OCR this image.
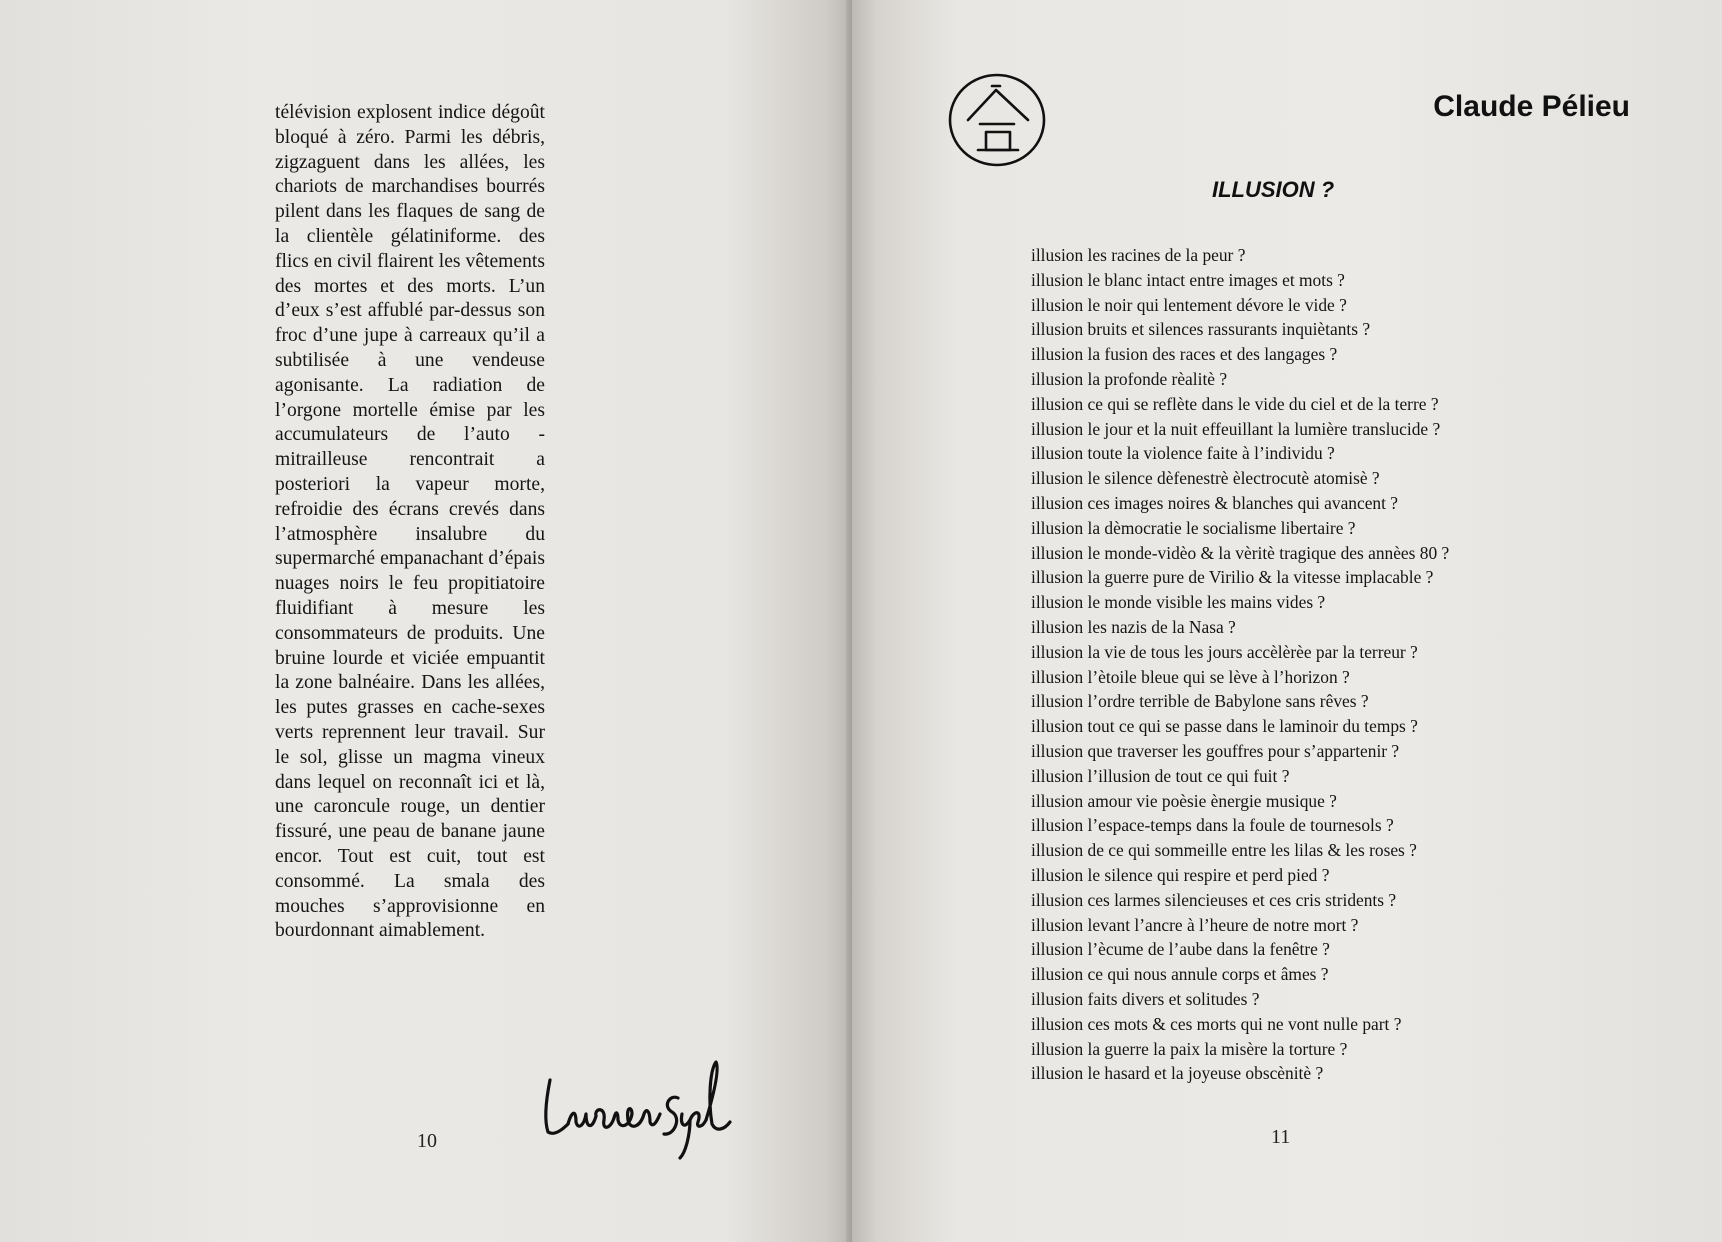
télévision explosent indice dégoût bloqué à zéro. Parmi les débris, zigzaguent dans les allées, les chariots de marchandises bourrés pilent dans les flaques de sang de la clientèle gélatiniforme. des flics en civil flairent les vêtements des mortes et des morts. L’un d’eux s’est affublé par-dessus son froc d’une jupe à carreaux qu’il a subtilisée à une vendeuse agonisante. La radiation de l’orgone mortelle émise par les accumulateurs de l’auto -mitrailleuse rencontrait a posteriori la vapeur morte, refroidie des écrans crevés dans l’atmosphère insalubre du supermarché empanachant d’épais nuages noirs le feu propitiatoire fluidifiant à mesure les consommateurs de produits. Une bruine lourde et viciée empuantit la zone balnéaire. Dans les allées, les putes grasses en cache-sexes verts reprennent leur travail. Sur le sol, glisse un magma vineux dans lequel on reconnaît ici et là, une caroncule rouge, un dentier fissuré, une peau de banane jaune encor. Tout est cuit, tout est consommé. La smala des mouches s’approvisionne en bourdonnant aimablement.
10
Claude Pélieu
ILLUSION ?
illusion les racines de la peur ?
illusion le blanc intact entre images et mots ?
illusion le noir qui lentement dévore le vide ?
illusion bruits et silences rassurants inquiètants ?
illusion la fusion des races et des langages ?
illusion la profonde rèalitè ?
illusion ce qui se reflète dans le vide du ciel et de la terre ?
illusion le jour et la nuit effeuillant la lumière translucide ?
illusion toute la violence faite à l’individu ?
illusion le silence dèfenestrè èlectrocutè atomisè ?
illusion ces images noires & blanches qui avancent ?
illusion la dèmocratie le socialisme libertaire ?
illusion le monde-vidèo & la vèritè tragique des annèes 80 ?
illusion la guerre pure de Virilio & la vitesse implacable ?
illusion le monde visible les mains vides ?
illusion les nazis de la Nasa ?
illusion la vie de tous les jours accèlèrèe par la terreur ?
illusion l’ètoile bleue qui se lève à l’horizon ?
illusion l’ordre terrible de Babylone sans rêves ?
illusion tout ce qui se passe dans le laminoir du temps ?
illusion que traverser les gouffres pour s’appartenir ?
illusion l’illusion de tout ce qui fuit ?
illusion amour vie poèsie ènergie musique ?
illusion l’espace-temps dans la foule de tournesols ?
illusion de ce qui sommeille entre les lilas & les roses ?
illusion le silence qui respire et perd pied ?
illusion ces larmes silencieuses et ces cris stridents ?
illusion levant l’ancre à l’heure de notre mort ?
illusion l’ècume de l’aube dans la fenêtre ?
illusion ce qui nous annule corps et âmes ?
illusion faits divers et solitudes ?
illusion ces mots & ces morts qui ne vont nulle part ?
illusion la guerre la paix la misère la torture ?
illusion le hasard et la joyeuse obscènitè ?
11
